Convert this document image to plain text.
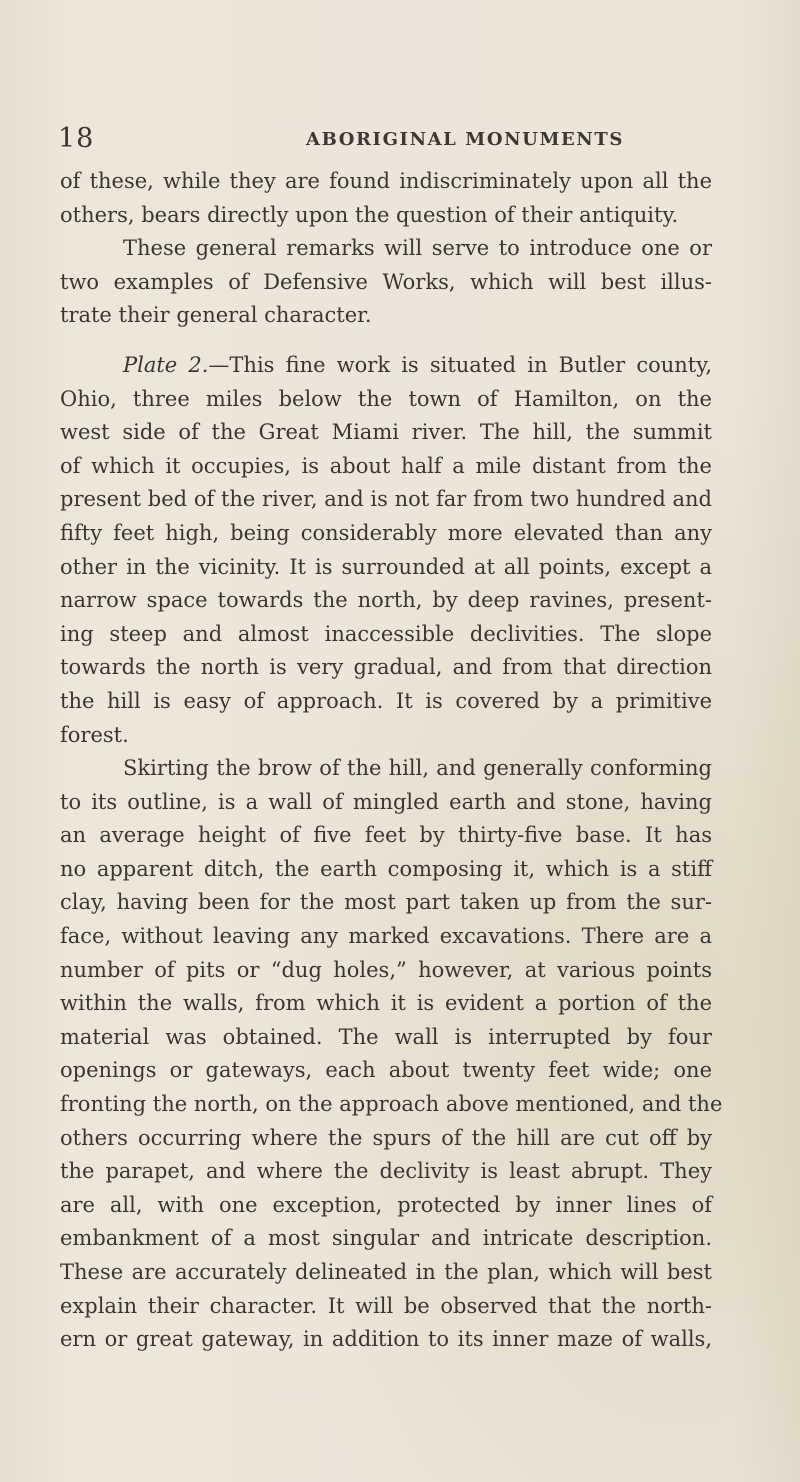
18	ABORIGINAL MONUMENTS
of these, while they are found indiscriminately upon all the
others, bears directly upon the question of their antiquity.
These general remarks will serve to introduce one or
two examples of Defensive Works, which will best illus-
trate their general character.
Plate 2.—This fine work is situated in Butler county,
Ohio, three miles below the town of Hamilton, on the
west side of the Great Miami river. The hill, the summit
of which it occupies, is about half a mile distant from the
present bed of the river, and is not far from two hundred and
fifty feet high, being considerably more elevated than any
other in the vicinity. It is surrounded at all points, except a
narrow space towards the north, by deep ravines, present-
ing steep and almost inaccessible declivities. The slope
towards the north is very gradual, and from that direction
the hill is easy of approach. It is covered by a primitive
forest.
Skirting the brow of the hill, and generally conforming
to its outline, is a wall of mingled earth and stone, having
an average height of five feet by thirty-five base. It has
no apparent ditch, the earth composing it, which is a stiff
clay, having been for the most part taken up from the sur-
face, without leaving any marked excavations. There are a
number of pits or “dug holes,” however, at various points
within the walls, from which it is evident a portion of the
material was obtained. The wall is interrupted by four
openings or gateways, each about twenty feet wide; one
fronting the north, on the approach above mentioned, and the
others occurring where the spurs of the hill are cut off by
the parapet, and where the declivity is least abrupt. They
are all, with one exception, protected by inner lines of
embankment of a most singular and intricate description.
These are accurately delineated in the plan, which will best
explain their character. It will be observed that the north-
ern or great gateway, in addition to its inner maze of walls,
